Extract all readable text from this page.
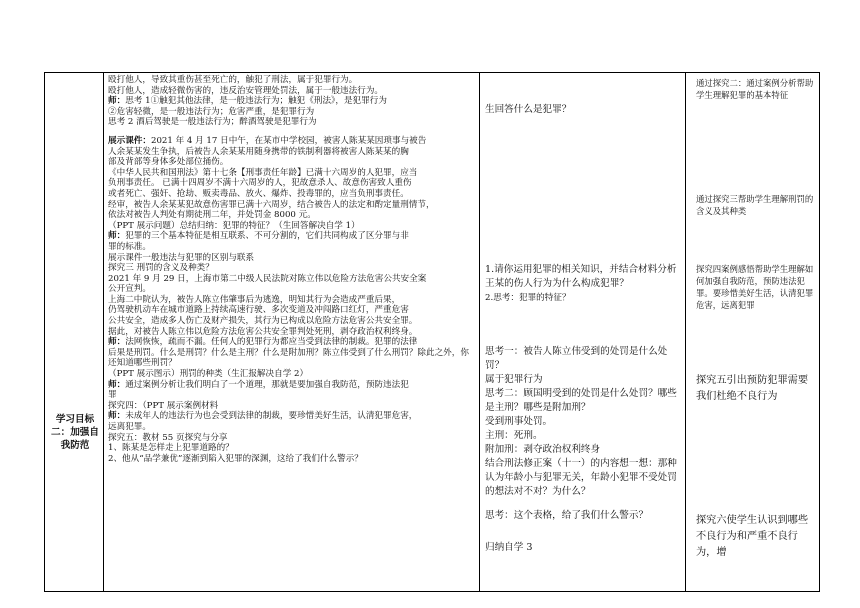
学习目标二：加强自我防范

殴打他人，导致其重伤甚至死亡的，触犯了刑法，属于犯罪行为。

殴打他人，造成轻微伤害的，违反治安管理处罚法，属于一般违法行为。

师：思考 1①触犯其他法律，是一般违法行为；触犯《刑法》，是犯罪行为

②危害轻微，是一般违法行为；危害严重，是犯罪行为

思考 2 酒后驾驶是一般违法行为；醉酒驾驶是犯罪行为

展示课件：2021 年 4 月 17 日中午，在某市中学校园，被害人陈某某因琐事与被告

人余某某发生争执，后被告人余某某用随身携带的铁制利器将被害人陈某某的胸

部及背部等身体多处部位捅伤。

《中华人民共和国刑法》第十七条【刑事责任年龄】已满十六周岁的人犯罪，应当

负刑事责任。 已满十四周岁不满十六周岁的人，犯故意杀人、故意伤害致人重伤

或者死亡、强奸、抢劫、贩卖毒品、放火、爆炸、投毒罪的，应当负刑事责任。

经审，被告人余某某犯故意伤害罪已满十六周岁，结合被告人的法定和酌定量刑情节，

依法对被告人判处有期徒刑二年，并处罚金 8000 元。

（PPT 展示问题）总结归纳：犯罪的特征？（生回答解决自学 1）

师：犯罪的三个基本特征是相互联系、不可分割的，它们共同构成了区分罪与非

罪的标准。

展示课件一般违法与犯罪的区别与联系

探究三 刑罚的含义及种类？

2021 年 9 月 29 日，上海市第二中级人民法院对陈立伟以危险方法危害公共安全案

公开宣判。

上海二中院认为，被告人陈立伟肇事后为逃逸，明知其行为会造成严重后果，

仍驾驶机动车在城市道路上持续高速行驶、多次变道及冲闯路口红灯，严重危害

公共安全，造成多人伤亡及财产损失，其行为已构成以危险方法危害公共安全罪。

据此，对被告人陈立伟以危险方法危害公共安全罪判处死刑，剥夺政治权利终身。

师：法网恢恢，疏而不漏。任何人的犯罪行为都应当受到法律的制裁。犯罪的法律

后果是刑罚。什么是刑罚？什么是主刑？什么是附加刑？陈立伟受到了什么刑罚？除此之外，你

还知道哪些刑罚？

（PPT 展示图示）刑罚的种类（生汇报解决自学 2）

师：通过案例分析让我们明白了一个道理，那就是要加强自我防范，预防违法犯

罪

探究四：（PPT 展示案例材料

师：未成年人的违法行为也会受到法律的制裁，要珍惜美好生活，认清犯罪危害，

远离犯罪。

探究五：教材 55 页探究与分享

1、陈某是怎样走上犯罪道路的？

2、他从“品学兼优”逐渐到陷入犯罪的深渊，这给了我们什么警示？

生回答什么是犯罪？

1.请你运用犯罪的相关知识，并结合材料分析王某的伤人行为为什么构成犯罪？

2.思考：犯罪的特征？

思考一：被告人陈立伟受到的处罚是什么处罚？

属于犯罪行为

思考二：顾国明受到的处罚是什么处罚？哪些是主刑？哪些是附加刑？

受到刑事处罚。

主刑：死刑。

附加刑：剥夺政治权利终身

结合刑法修正案（十一）的内容想一想：那种认为年龄小与犯罪无关，年龄小犯罪不受处罚的想法对不对？为什么？

思考：这个表格，给了我们什么警示？

归纳自学 3

通过探究二：通过案例分析帮助学生理解犯罪的基本特征

通过探究三帮助学生理解刑罚的含义及其种类

探究四案例感悟帮助学生理解如何加强自我防范，预防违法犯罪。要珍惜美好生活，认清犯罪危害，远离犯罪

探究五引出预防犯罪需要我们杜绝不良行为

探究六使学生认识到哪些不良行为和严重不良行为，增
